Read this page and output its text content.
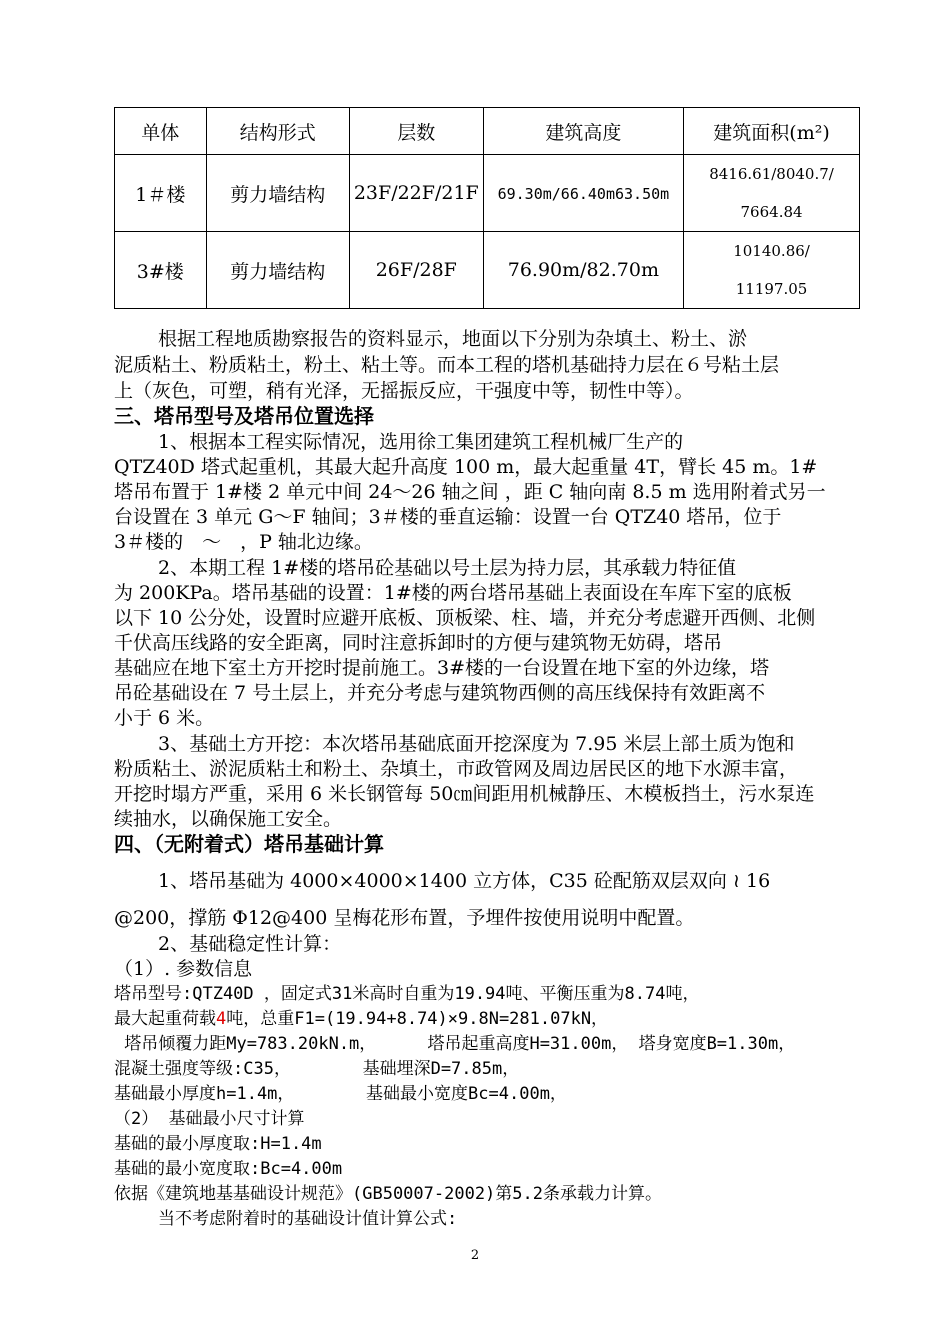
单体	结构形式	层数	建筑高度	建筑面积(m²)
1＃楼	剪力墙结构	23F/22F/21F	69.30m/66.40m63.50m	8416.61/8040.7/
7664.84

3#楼	剪力墙结构	26F/28F	76.90m/82.70m	10140.86/
11197.05
根据工程地质勘察报告的资料显示，地面以下分别为杂填土、粉土、淤
泥质粘土、粉质粘土，粉土、粘土等。而本工程的塔机基础持力层在６号粘土层
上（灰色，可塑，稍有光泽，无摇振反应，干强度中等，韧性中等）。
三、塔吊型号及塔吊位置选择
1、根据本工程实际情况，选用徐工集团建筑工程机械厂生产的
QTZ40D 塔式起重机，其最大起升高度 100 m，最大起重量 4T，臂长 45 m。1#
塔吊布置于 1#楼 2 单元中间 24～26 轴之间 ，距 C 轴向南 8.5 m 选用附着式另一
台设置在 3 单元 G～F 轴间；3＃楼的垂直运输：设置一台 QTZ40 塔吊，位于
3＃楼的　～　，P 轴北边缘。
2、本期工程 1#楼的塔吊砼基础以号土层为持力层，其承载力特征值
为 200KPa。塔吊基础的设置：1#楼的两台塔吊基础上表面设在车库下室的底板
以下 10 公分处，设置时应避开底板、顶板梁、柱、墙，并充分考虑避开西侧、北侧
千伏高压线路的安全距离，同时注意拆卸时的方便与建筑物无妨碍，塔吊
基础应在地下室土方开挖时提前施工。3#楼的一台设置在地下室的外边缘，塔
吊砼基础设在 7 号土层上，并充分考虑与建筑物西侧的高压线保持有效距离不
小于 6 米。
3、基础土方开挖：本次塔吊基础底面开挖深度为 7.95 米层上部土质为饱和
粉质粘土、淤泥质粘土和粉土、杂填土，市政管网及周边居民区的地下水源丰富，
开挖时塌方严重，采用 6 米长钢管每 50㎝间距用机械静压、木模板挡土，污水泵连
续抽水，以确保施工安全。
四、（无附着式）塔吊基础计算
1、塔吊基础为 4000×4000×1400 立方体，C35 砼配筋双层双向 ≀ 16
@200，撑筋 Φ12@400 呈梅花形布置，予埋件按使用说明中配置。
2、基础稳定性计算：
（1）. 参数信息
塔吊型号:QTZ40D ，固定式31米高时自重为19.94吨、平衡压重为8.74吨，
最大起重荷载4吨，总重F1=(19.94+8.74)×9.8N=281.07kN，
塔吊倾覆力距My=783.20kN.m，     塔吊起重高度H=31.00m， 塔身宽度B=1.30m，
混凝土强度等级:C35，       基础埋深D=7.85m，
基础最小厚度h=1.4m，       基础最小宽度Bc=4.00m，
（2） 基础最小尺寸计算
基础的最小厚度取:H=1.4m
基础的最小宽度取:Bc=4.00m
依据《建筑地基基础设计规范》(GB50007-2002)第5.2条承载力计算。
当不考虑附着时的基础设计值计算公式:
2
